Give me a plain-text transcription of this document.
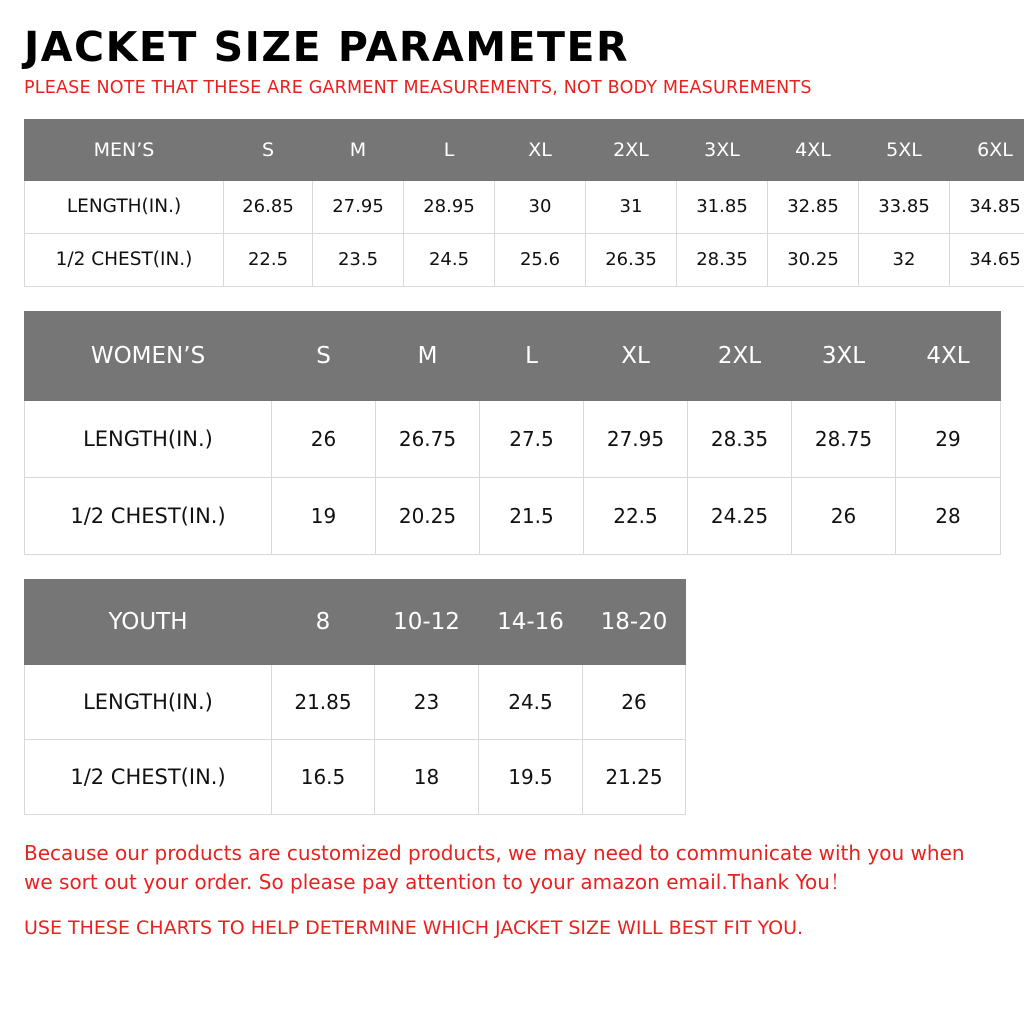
JACKET SIZE PARAMETER

PLEASE NOTE THAT THESE ARE GARMENT MEASUREMENTS, NOT BODY MEASUREMENTS

MEN’S	S	M	L	XL	2XL	3XL	4XL	5XL	6XL
LENGTH(IN.)	26.85	27.95	28.95	30	31	31.85	32.85	33.85	34.85
1/2 CHEST(IN.)	22.5	23.5	24.5	25.6	26.35	28.35	30.25	32	34.65
WOMEN’S	S	M	L	XL	2XL	3XL	4XL
LENGTH(IN.)	26	26.75	27.5	27.95	28.35	28.75	29
1/2 CHEST(IN.)	19	20.25	21.5	22.5	24.25	26	28
YOUTH	8	10-12	14-16	18-20
LENGTH(IN.)	21.85	23	24.5	26
1/2 CHEST(IN.)	16.5	18	19.5	21.25

Because our products are customized products, we may need to communicate with you when we sort out your order. So please pay attention to your amazon email.Thank You！

USE THESE CHARTS TO HELP DETERMINE WHICH JACKET SIZE WILL BEST FIT YOU.
